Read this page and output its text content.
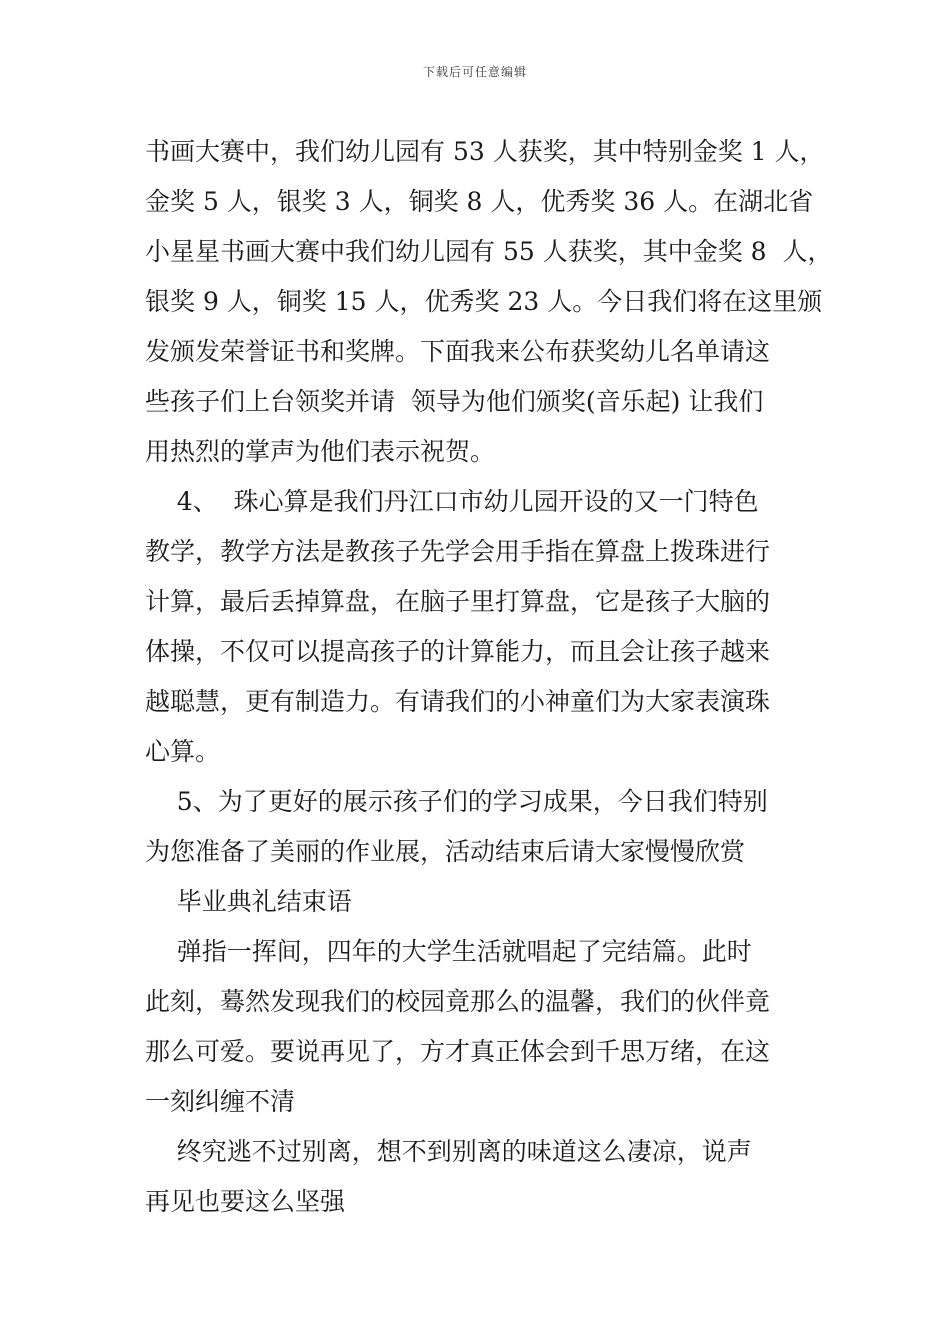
下载后可任意编辑
书画大赛中，我们幼儿园有 53 人获奖，其中特别金奖 1 人，
金奖 5 人，银奖 3 人，铜奖 8 人，优秀奖 36 人。在湖北省
小星星书画大赛中我们幼儿园有 55 人获奖，其中金奖 8  人，
银奖 9 人，铜奖 15 人，优秀奖 23 人。今日我们将在这里颁
发颁发荣誉证书和奖牌。下面我来公布获奖幼儿名单请这
些孩子们上台领奖并请  领导为他们颁奖(音乐起) 让我们
用热烈的掌声为他们表示祝贺。
4、  珠心算是我们丹江口市幼儿园开设的又一门特色
教学，教学方法是教孩子先学会用手指在算盘上拨珠进行
计算，最后丢掉算盘，在脑子里打算盘，它是孩子大脑的
体操，不仅可以提高孩子的计算能力，而且会让孩子越来
越聪慧，更有制造力。有请我们的小神童们为大家表演珠
心算。
5、为了更好的展示孩子们的学习成果，今日我们特别
为您准备了美丽的作业展，活动结束后请大家慢慢欣赏
毕业典礼结束语
弹指一挥间，四年的大学生活就唱起了完结篇。此时
此刻，蓦然发现我们的校园竟那么的温馨，我们的伙伴竟
那么可爱。要说再见了，方才真正体会到千思万绪，在这
一刻纠缠不清
终究逃不过别离，想不到别离的味道这么凄凉，说声
再见也要这么坚强
